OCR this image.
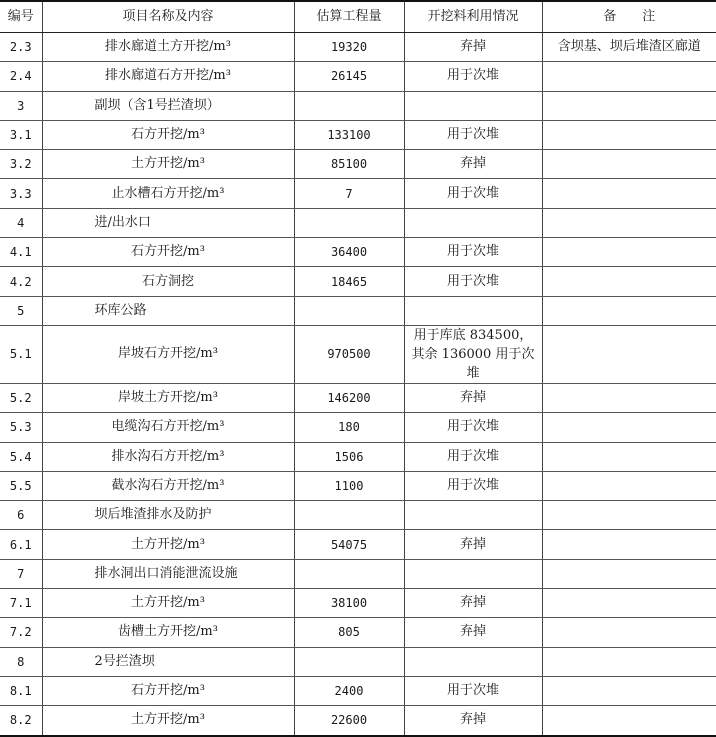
编号	项目名称及内容	估算工程量	开挖料利用情况	备　　注
2.3	排水廊道土方开挖/m³	19320	弃掉	含坝基、坝后堆渣区廊道
2.4	排水廊道石方开挖/m³	26145	用于次堆	
3	副坝（含1号拦渣坝）			
3.1	石方开挖/m³	133100	用于次堆	
3.2	土方开挖/m³	85100	弃掉	
3.3	止水槽石方开挖/m³	7	用于次堆	
4	进/出水口			
4.1	石方开挖/m³	36400	用于次堆	
4.2	石方洞挖	18465	用于次堆	
5	环库公路			
5.1	岸坡石方开挖/m³	970500	用于库底 834500，
其余 136000 用于次堆	

5.2	岸坡土方开挖/m³	146200	弃掉	
5.3	电缆沟石方开挖/m³	180	用于次堆	
5.4	排水沟石方开挖/m³	1506	用于次堆	
5.5	截水沟石方开挖/m³	1100	用于次堆	
6	坝后堆渣排水及防护			
6.1	土方开挖/m³	54075	弃掉	
7	排水洞出口消能泄流设施			
7.1	土方开挖/m³	38100	弃掉	
7.2	齿槽土方开挖/m³	805	弃掉	
8	2号拦渣坝			
8.1	石方开挖/m³	2400	用于次堆	
8.2	土方开挖/m³	22600	弃掉	
